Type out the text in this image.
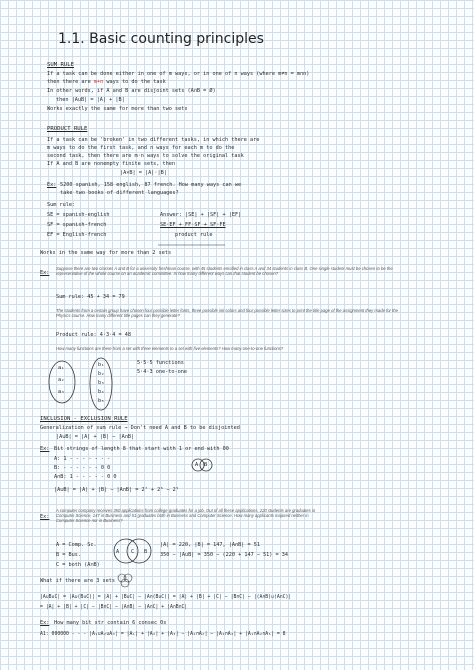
1.1. Basic counting principles
SUM RULE
If a task can be done either in one of m ways, or in one of n ways (where m≠n = m∩n)
then there are m+n ways to do the task
In other words, if A and B are disjoint sets (A∩B = Ø)
then |A∪B| = |A| + |B|
Works exactly the same for more than two sets
PRODUCT RULE
If a task can be 'broken' in two different tasks, in which there are
m ways to do the first task, and n ways for each m to do the
second task, then there are m·n ways to solve the original task
If A and B are nonempty finite sets, then
|A×B| = |A|·|B|
Ex: 5200 spanish, 158 english, 87 french. How many ways can we
take two books of different languages?
Sum rule:
SE = spanish-english
SF = spanish-french
EF = English-french
Answer: |SE| + |SF| + |EF|
SE·EF + FF·SF + SF·FE
product rule
Works in the same way for more than 2 sets
Ex:
Suppose there are two classes A and B for a university freshman course, with 45 students enrolled in class A and 34 students in class B. One single student must be chosen to be the representative of the whole course on an academic committee. In how many different ways can that student be chosen?
Sum rule: 45 + 34 = 79
The students from a certain group have chosen four possible letter fonts, three possible ink colors and four possible letter sizes to print the title page of the assignment they made for the Physics course. How many different title pages can they generate?
Product rule: 4·3·4 = 48
How many functions are there from a set with three elements to a set with five elements? How many one-to-one functions?
5·5·5 functions
5·4·3 one-to-one
a₁
a₂
a₃
b₁
b₂
b₃
b₄
b₅
INCLUSION - EXCLUSION RULE
Generalization of sum rule → Don't need A and B to be disjointed
|A∪B| = |A| + |B| − |A∩B|
Ex: Bit strings of length 8 that start with 1 or end with 00
A: 1 - - - - - - -
B: - - - - - - 0 0
A∩B: 1 - - - - - 0 0
|A∪B| = |A| + |B| − |A∩B| = 2⁷ + 2⁶ − 2⁵
A B
Ex:
A computer company receives 350 applications from college graduates for a job. Out of all these applications, 220 students are graduates in Computer Science, 147 in Business and 51 graduates both in Business and Computer Science. How many applicants majored neither in Computer Science nor in Business?
A = Comp. Sc.
B = Bus.
C = both (A∩B)
|A| = 220, |B| = 147, |A∩B| = 51
350 − |A∪B| = 350 − (220 + 147 − 51) = 34
A C B
What if there are 3 sets
|A∪B∪C| = |A∪(B∪C)| = |A| + |B∪C| − |A∩(B∪C)| = |A| + |B| + |C| − |B∩C| − |(A∩B)∪(A∩C)|
= |A| + |B| + |C| − |B∩C| − |A∩B| − |A∩C| + |A∩B∩C|
Ex: How many bit str contain 6 consec 0s
A1: 000000 - - - |A₁∪A₂∪A₃| = |A₁| + |A₂| + |A₃| − |A₁∩A₂| − |A₂∩A₃| + |A₁∩A₂∩A₃| = 8
